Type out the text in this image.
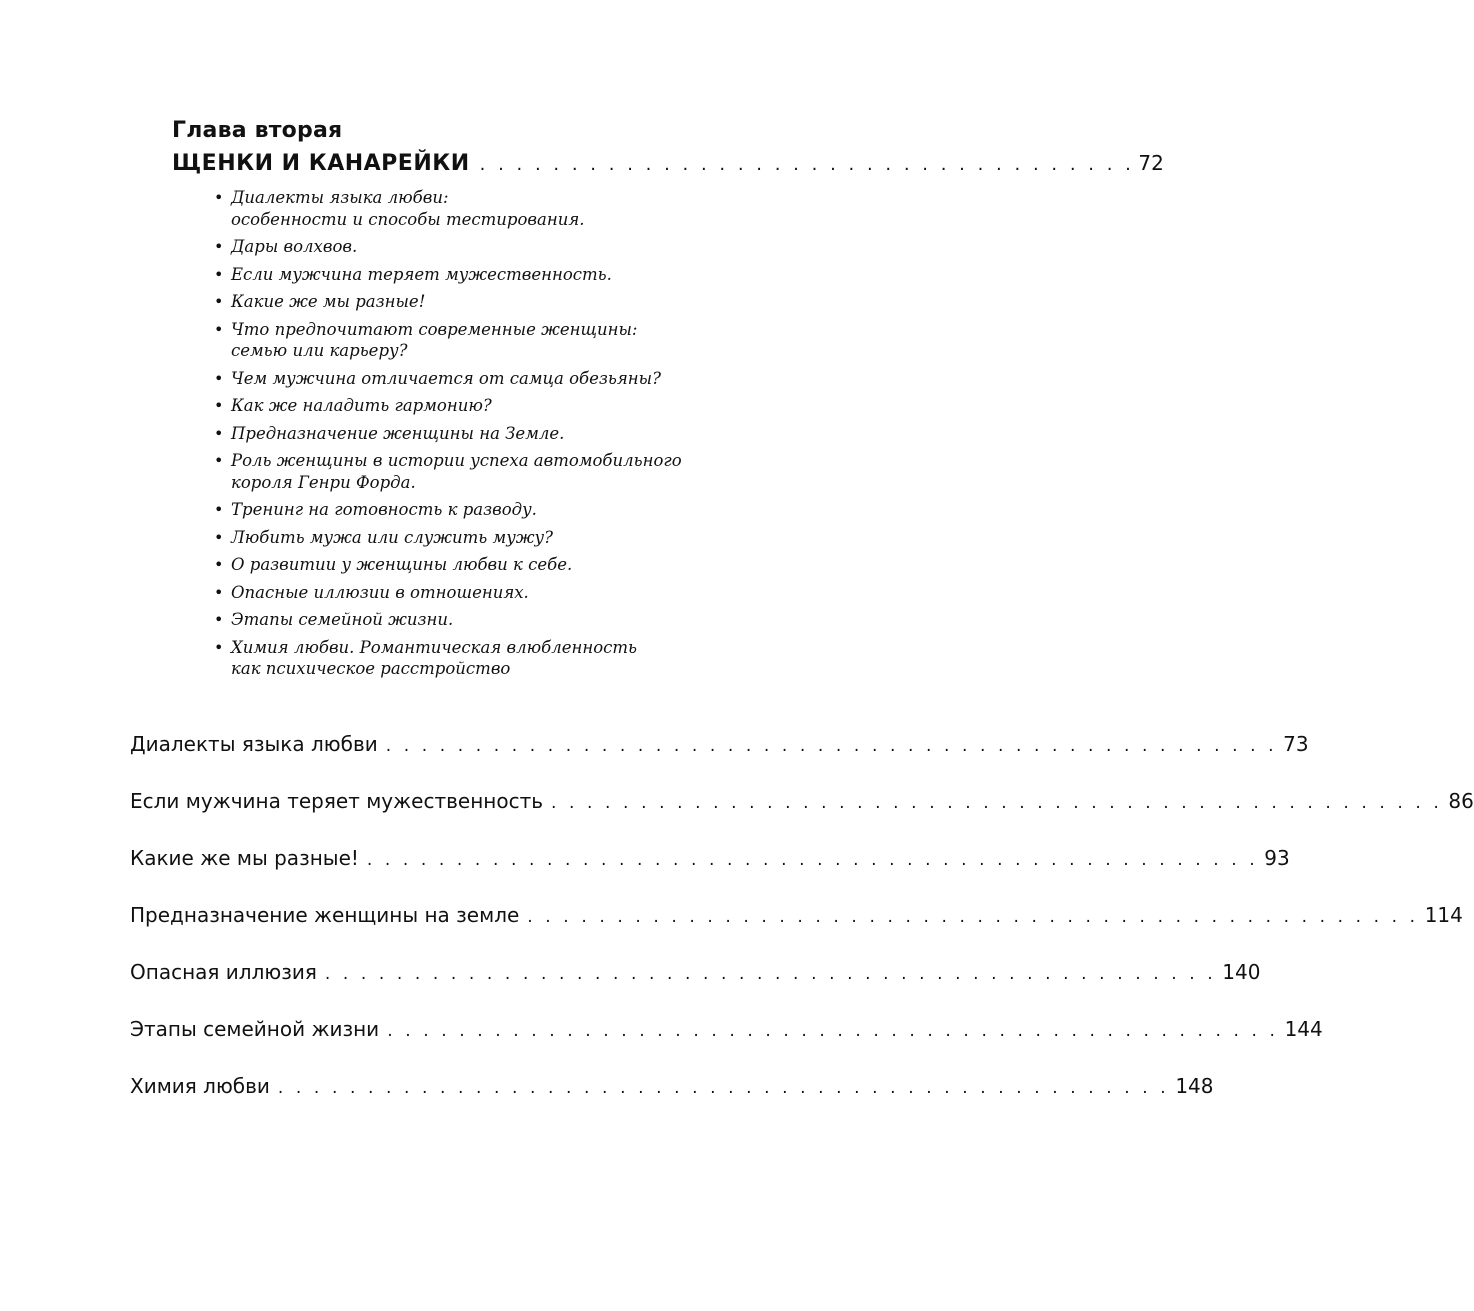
Глава вторая
ЩЕНКИ И КАНАРЕЙКИ . . . . . . . . . . . . . . . . . . . . . . . . . . . . . . . . . . . . 72
• Диалекты языка любви:
особенности и способы тестирования.
• Дары волхвов.
• Если мужчина теряет мужественность.
• Какие же мы разные!
• Что предпочитают современные женщины:
семью или карьеру?
• Чем мужчина отличается от самца обезьяны?
• Как же наладить гармонию?
• Предназначение женщины на Земле.
• Роль женщины в истории успеха автомобильного
короля Генри Форда.
• Тренинг на готовность к разводу.
• Любить мужа или служить мужу?
• О развитии у женщины любви к себе.
• Опасные иллюзии в отношениях.
• Этапы семейной жизни.
• Химия любви. Романтическая влюбленность
как психическое расстройство
Диалекты языка любви . . . . . . . . . . . . . . . . . . . . . . . . . . . . . . . . . . . . . . . . . . . . . . . . . . 73
Если мужчина теряет мужественность . . . . . . . . . . . . . . . . . . . . . . . . . . . . . . . . . . . . . . . . . . . . . . . . . . 86
Какие же мы разные! . . . . . . . . . . . . . . . . . . . . . . . . . . . . . . . . . . . . . . . . . . . . . . . . . . 93
Предназначение женщины на земле . . . . . . . . . . . . . . . . . . . . . . . . . . . . . . . . . . . . . . . . . . . . . . . . . . 114
Опасная иллюзия . . . . . . . . . . . . . . . . . . . . . . . . . . . . . . . . . . . . . . . . . . . . . . . . . . 140
Этапы семейной жизни . . . . . . . . . . . . . . . . . . . . . . . . . . . . . . . . . . . . . . . . . . . . . . . . . . 144
Химия любви . . . . . . . . . . . . . . . . . . . . . . . . . . . . . . . . . . . . . . . . . . . . . . . . . . 148
